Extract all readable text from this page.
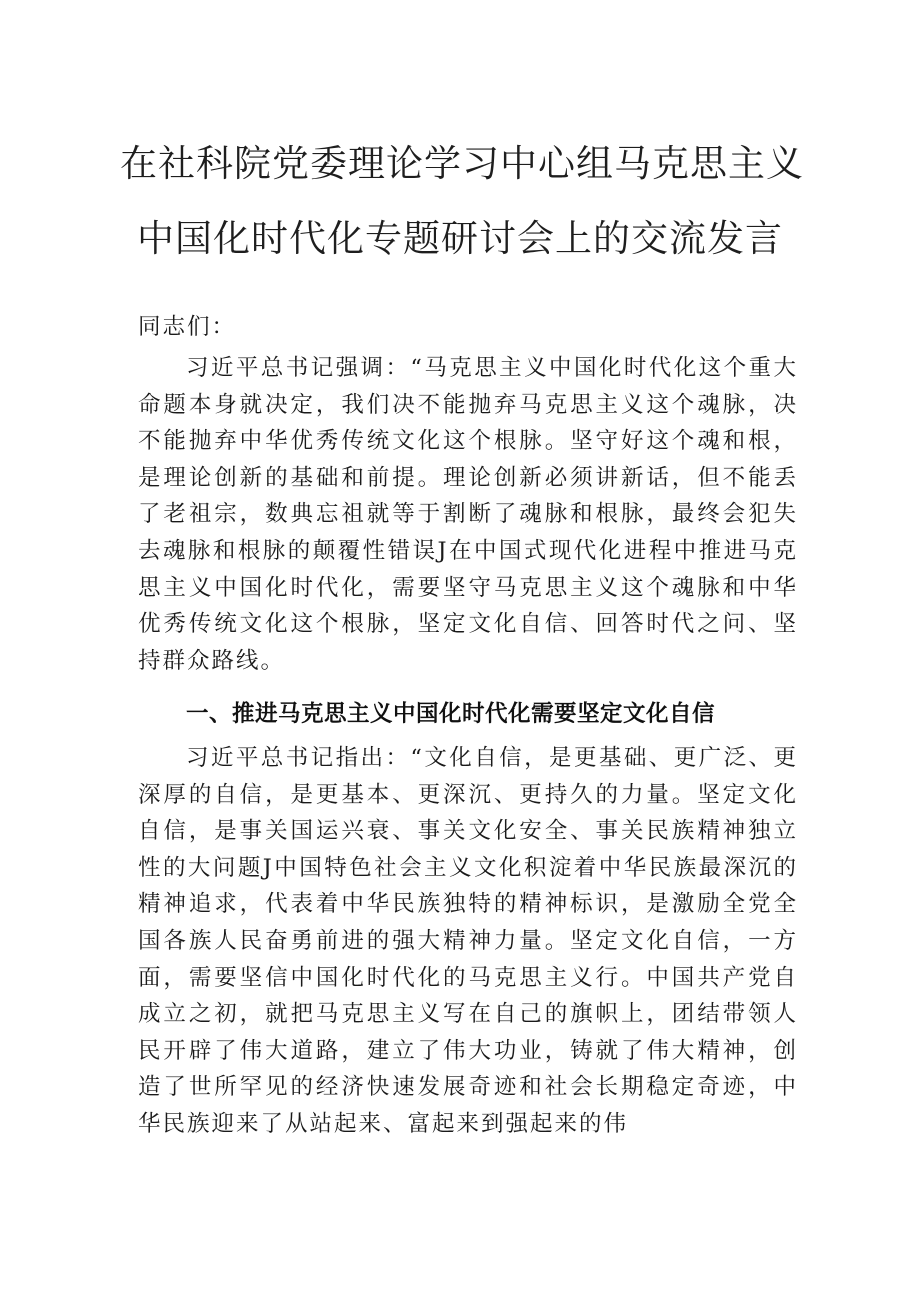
在社科院党委理论学习中心组马克思主义
中国化时代化专题研讨会上的交流发言
同志们：
习近平总书记强调：“马克思主义中国化时代化这个重大命题本身就决定，我们决不能抛弃马克思主义这个魂脉，决不能抛弃中华优秀传统文化这个根脉。坚守好这个魂和根，是理论创新的基础和前提。理论创新必须讲新话，但不能丢了老祖宗，数典忘祖就等于割断了魂脉和根脉，最终会犯失去魂脉和根脉的颠覆性错误J在中国式现代化进程中推进马克思主义中国化时代化，需要坚守马克思主义这个魂脉和中华优秀传统文化这个根脉，坚定文化自信、回答时代之问、坚持群众路线。
一、推进马克思主义中国化时代化需要坚定文化自信
习近平总书记指出：“文化自信，是更基础、更广泛、更深厚的自信，是更基本、更深沉、更持久的力量。坚定文化自信，是事关国运兴衰、事关文化安全、事关民族精神独立性的大问题J中国特色社会主义文化积淀着中华民族最深沉的精神追求，代表着中华民族独特的精神标识，是激励全党全国各族人民奋勇前进的强大精神力量。坚定文化自信，一方面，需要坚信中国化时代化的马克思主义行。中国共产党自成立之初，就把马克思主义写在自己的旗帜上，团结带领人民开辟了伟大道路，建立了伟大功业，铸就了伟大精神，创造了世所罕见的经济快速发展奇迹和社会长期稳定奇迹，中华民族迎来了从站起来、富起来到强起来的伟
